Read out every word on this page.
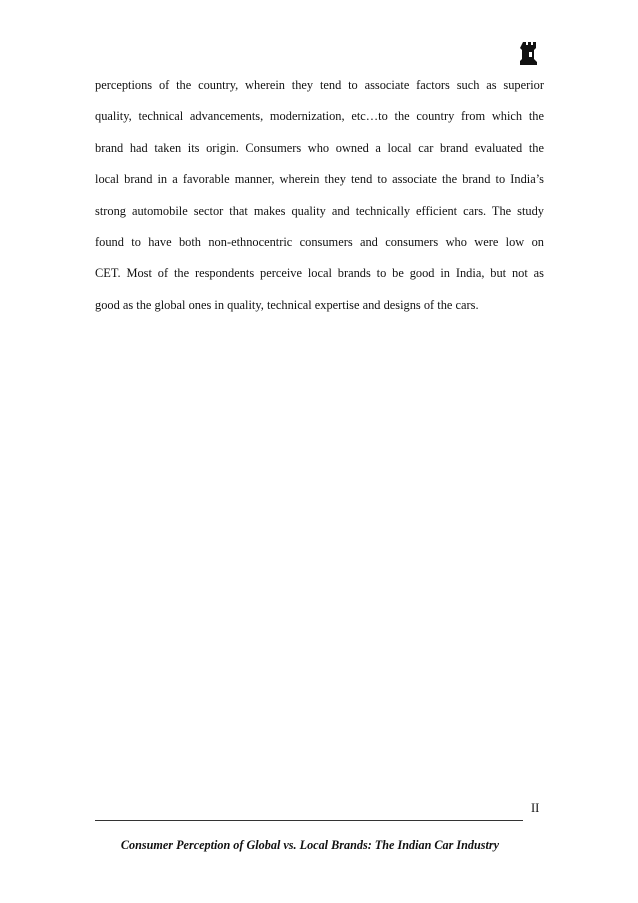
perceptions of the country, wherein they tend to associate factors such as superior
quality, technical advancements, modernization, etc…to the country from which the
brand had taken its origin. Consumers who owned a local car brand evaluated the
local brand in a favorable manner, wherein they tend to associate the brand to India’s
strong automobile sector that makes quality and technically efficient cars. The study
found to have both non-ethnocentric consumers and consumers who were low on
CET. Most of the respondents perceive local brands to be good in India, but not as
good as the global ones in quality, technical expertise and designs of the cars.
II
Consumer Perception of Global vs. Local Brands: The Indian Car Industry
